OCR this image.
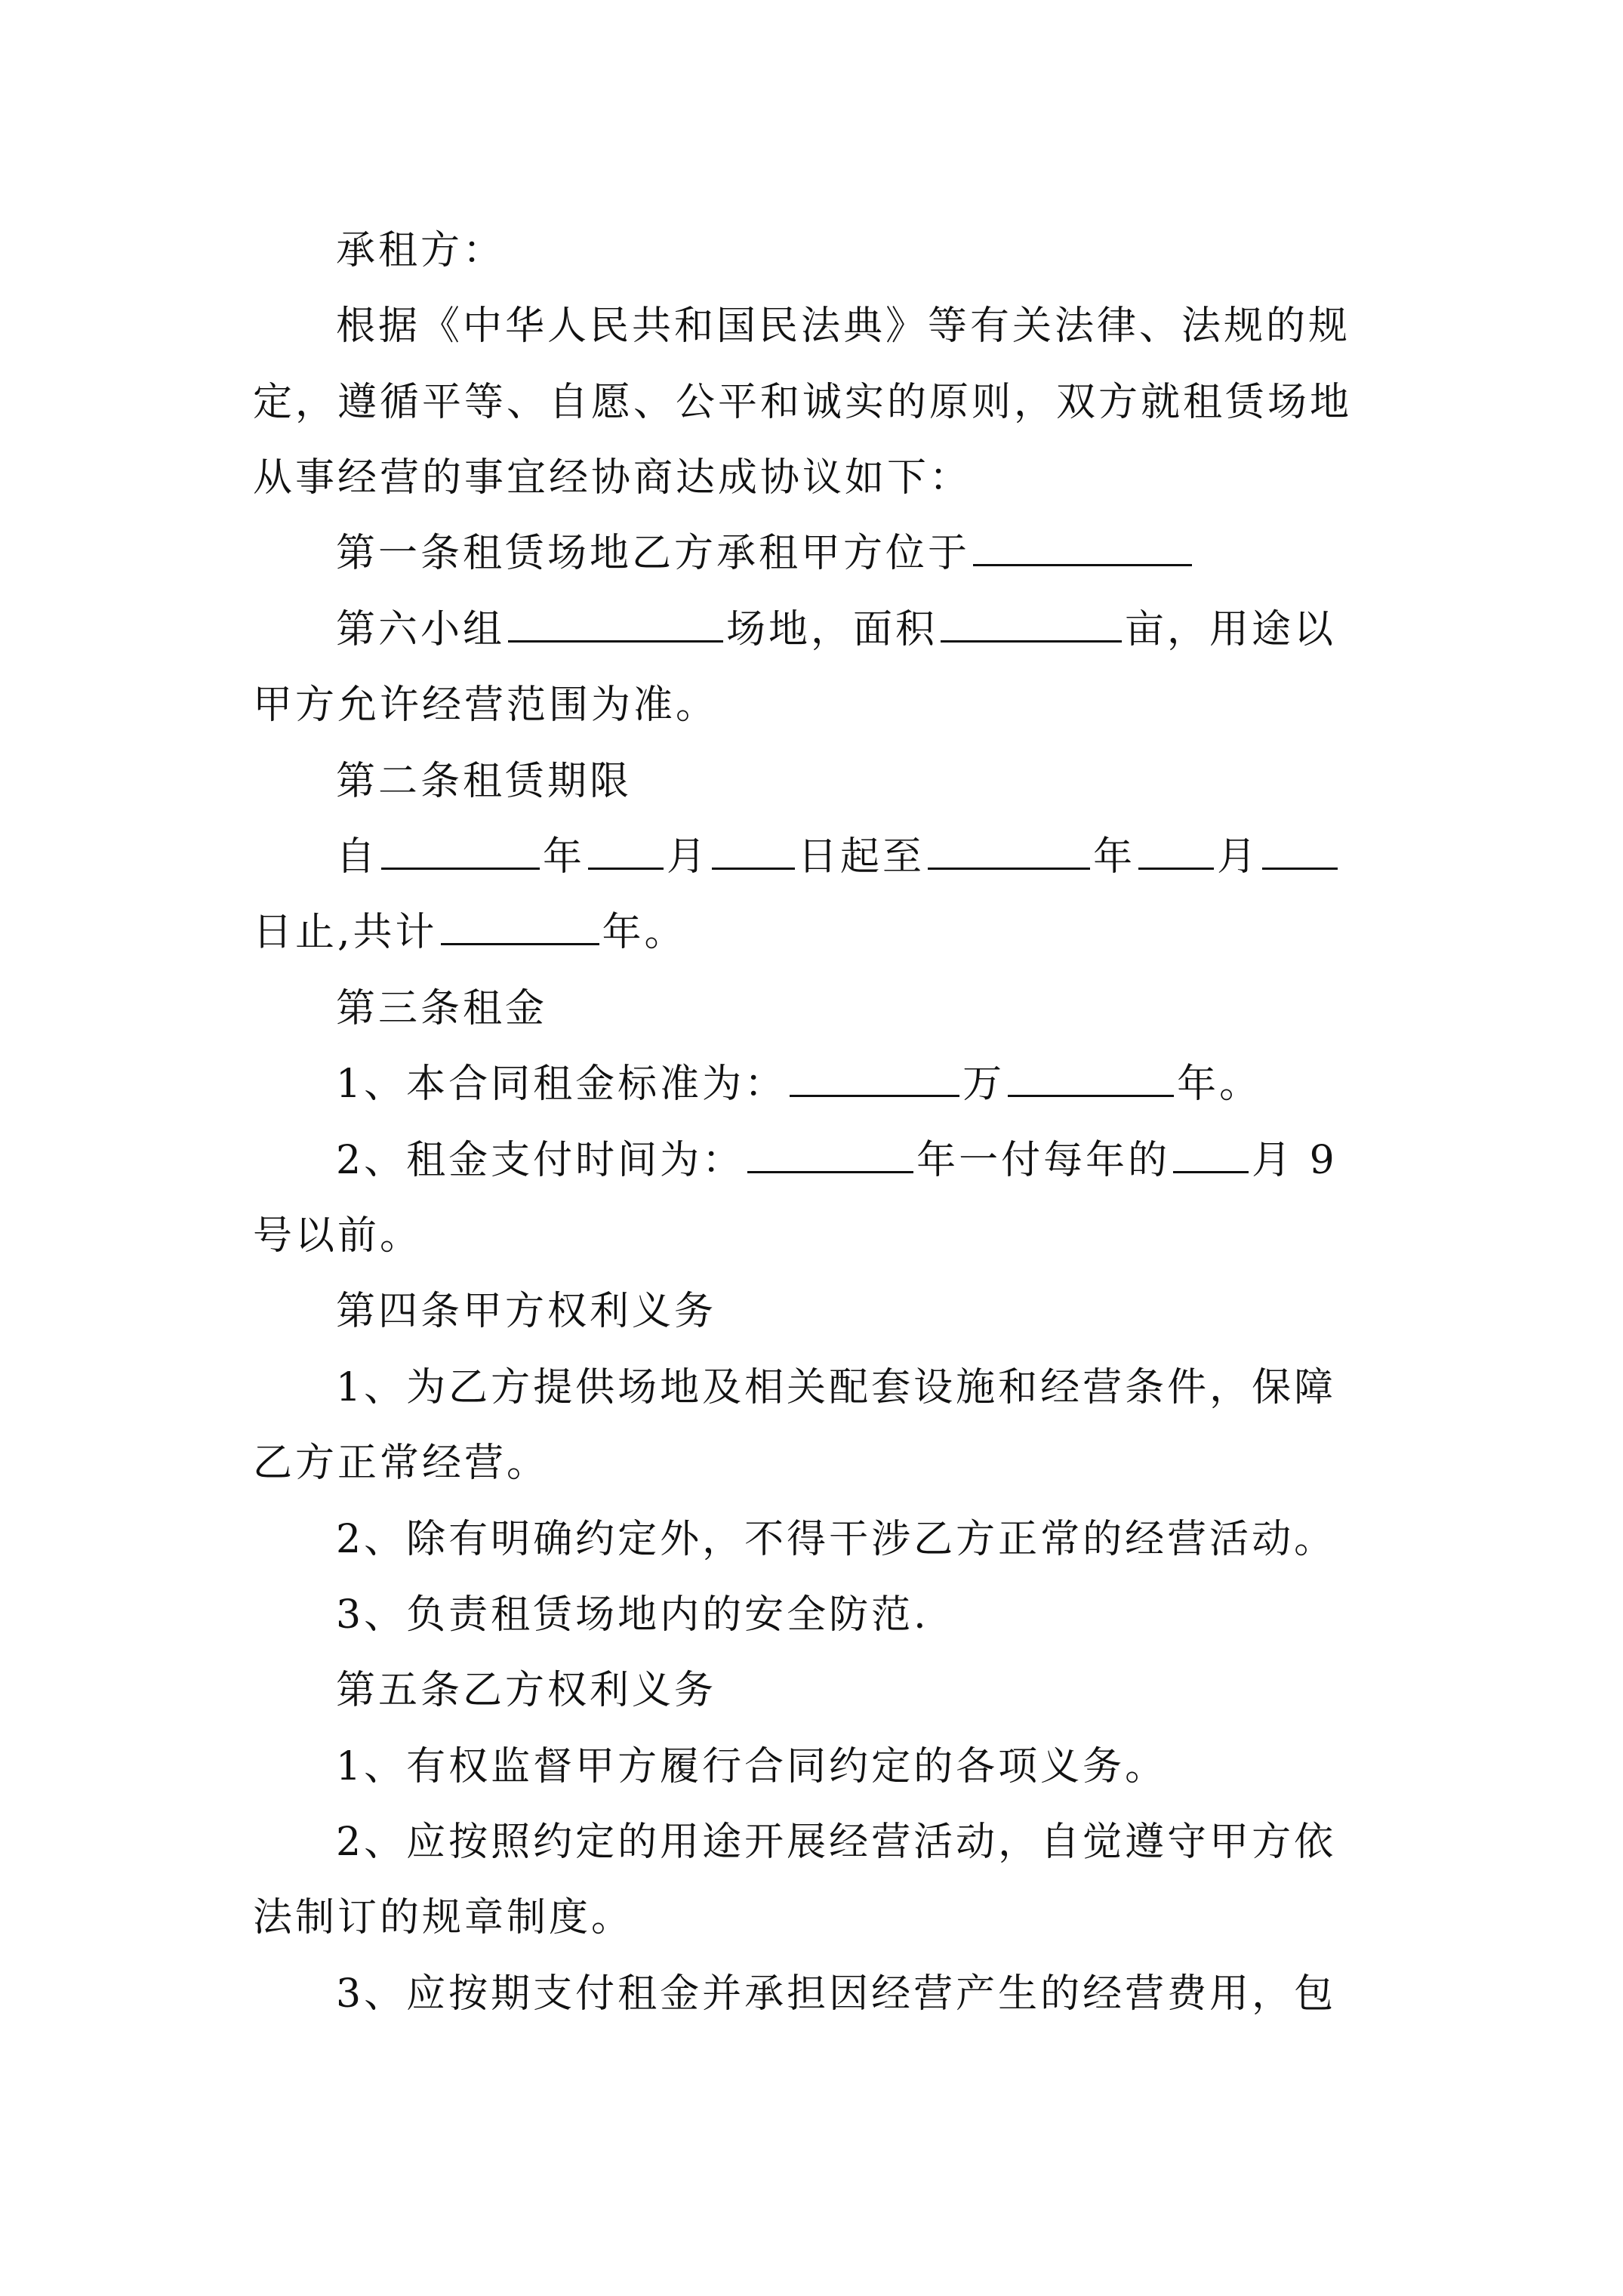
承租方：
根据《中华人民共和国民法典》等有关法律、法规的规
定，遵循平等、自愿、公平和诚实的原则，双方就租赁场地
从事经营的事宜经协商达成协议如下：
第一条租赁场地乙方承租甲方位于
第六小组	场地，面积	亩，用途以
甲方允许经营范围为准。
第二条租赁期限
自	年 月 日起至	年 月
日止,共计	年。
第三条租金
1、本合同租金标准为：	万	年。
2、租金支付时间为：	年一付每年的 月 9
号以前。
第四条甲方权利义务
1、为乙方提供场地及相关配套设施和经营条件，保障
乙方正常经营。
2、除有明确约定外，不得干涉乙方正常的经营活动。
3、负责租赁场地内的安全防范.
第五条乙方权利义务
1、有权监督甲方履行合同约定的各项义务。
2、应按照约定的用途开展经营活动，自觉遵守甲方依
法制订的规章制度。
3、应按期支付租金并承担因经营产生的经营费用，包
